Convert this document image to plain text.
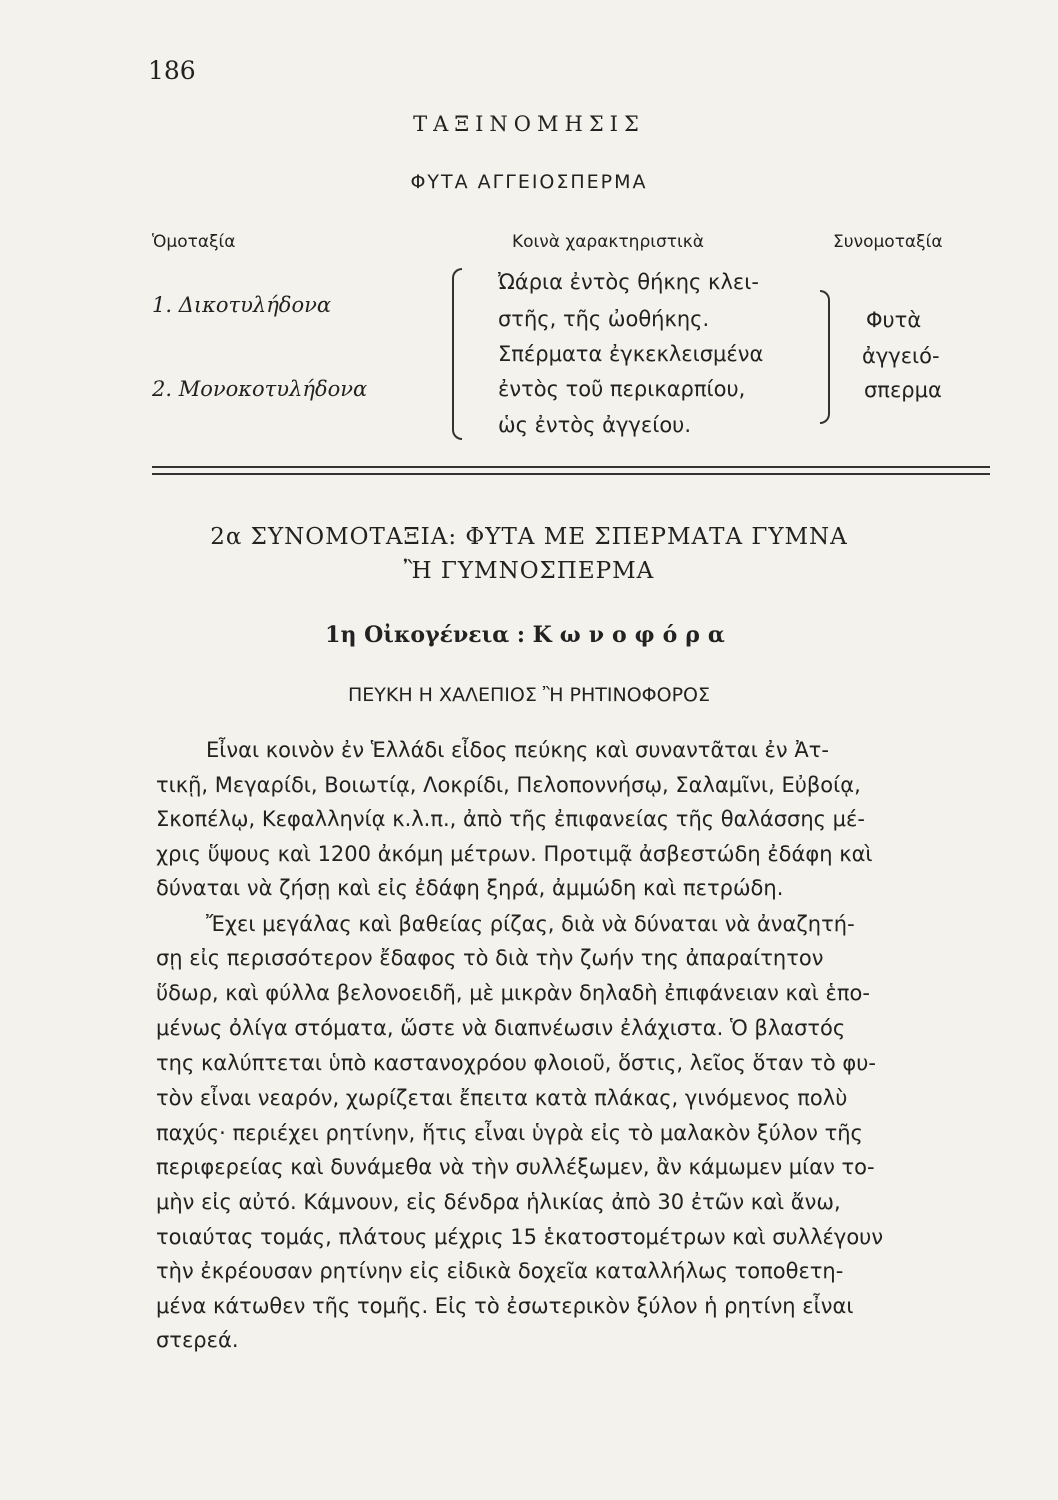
186
ΤΑΞΙΝΟΜΗΣΙΣ
ΦΥΤΑ ΑΓΓΕΙΟΣΠΕΡΜΑ
Ὁμοταξία	Κοινὰ χαρακτηριστικὰ	Συνομοταξία
1. Δικοτυλήδονα
2. Μονοκοτυλήδονα
Ὠάρια ἐντὸς θήκης κλει-
στῆς, τῆς ὠοθήκης.
Σπέρματα ἐγκεκλεισμένα
ἐντὸς τοῦ περικαρπίου,
ὡς ἐντὸς ἀγγείου.
Φυτὰ
ἀγγειό-
σπερμα
2α ΣΥΝΟΜΟΤΑΞΙΑ: ΦΥΤΑ ΜΕ ΣΠΕΡΜΑΤΑ ΓΥΜΝΑ
Ἢ ΓΥΜΝΟΣΠΕΡΜΑ
1η Οἰκογένεια : Κωνοφόρα
ΠΕΥΚΗ Η ΧΑΛΕΠΙΟΣ Ἢ ΡΗΤΙΝΟΦΟΡΟΣ
Εἶναι κοινὸν ἐν Ἑλλάδι εἶδος πεύκης καὶ συναντᾶται ἐν Ἀτ-
τικῇ, Μεγαρίδι, Βοιωτίᾳ, Λοκρίδι, Πελοποννήσῳ, Σαλαμῖνι, Εὐβοίᾳ,
Σκοπέλῳ, Κεφαλληνίᾳ κ.λ.π., ἀπὸ τῆς ἐπιφανείας τῆς θαλάσσης μέ-
χρις ὕψους καὶ 1200 ἀκόμη μέτρων. Προτιμᾷ ἀσβεστώδη ἐδάφη καὶ
δύναται νὰ ζήσῃ καὶ εἰς ἐδάφη ξηρά, ἀμμώδη καὶ πετρώδη.
Ἔχει μεγάλας καὶ βαθείας ρίζας, διὰ νὰ δύναται νὰ ἀναζητή-
σῃ εἰς περισσότερον ἔδαφος τὸ διὰ τὴν ζωήν της ἀπαραίτητον
ὕδωρ, καὶ φύλλα βελονοειδῆ, μὲ μικρὰν δηλαδὴ ἐπιφάνειαν καὶ ἑπο-
μένως ὀλίγα στόματα, ὥστε νὰ διαπνέωσιν ἐλάχιστα. Ὁ βλαστός
της καλύπτεται ὑπὸ καστανοχρόου φλοιοῦ, ὅστις, λεῖος ὅταν τὸ φυ-
τὸν εἶναι νεαρόν, χωρίζεται ἔπειτα κατὰ πλάκας, γινόμενος πολὺ
παχύς· περιέχει ρητίνην, ἥτις εἶναι ὑγρὰ εἰς τὸ μαλακὸν ξύλον τῆς
περιφερείας καὶ δυνάμεθα νὰ τὴν συλλέξωμεν, ἂν κάμωμεν μίαν το-
μὴν εἰς αὐτό. Κάμνουν, εἰς δένδρα ἡλικίας ἀπὸ 30 ἐτῶν καὶ ἄνω,
τοιαύτας τομάς, πλάτους μέχρις 15 ἑκατοστομέτρων καὶ συλλέγουν
τὴν ἐκρέουσαν ρητίνην εἰς εἰδικὰ δοχεῖα καταλλήλως τοποθετη-
μένα κάτωθεν τῆς τομῆς. Εἰς τὸ ἐσωτερικὸν ξύλον ἡ ρητίνη εἶναι
στερεά.
